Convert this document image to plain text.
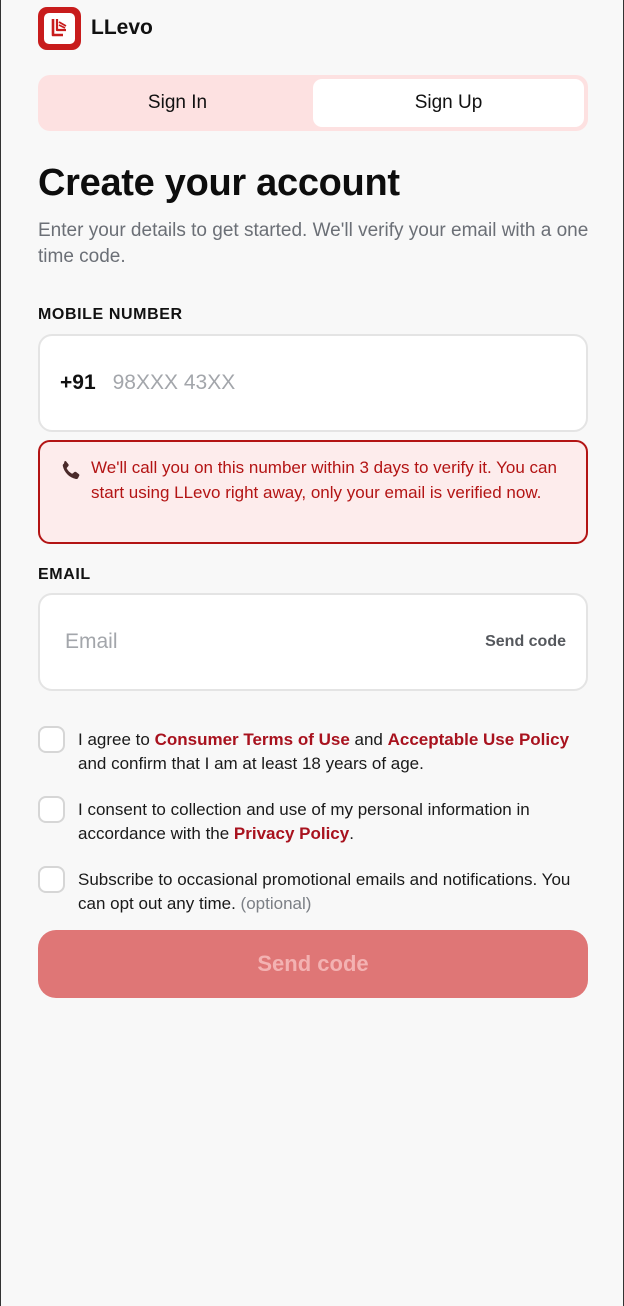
LLevo
Sign In	Sign Up
Create your account

Enter your details to get started. We'll verify your email with a one time code.

MOBILE NUMBER
+91
98XXX 43XX
We'll call you on this number within 3 days to verify it. You can start using LLevo right away, only your email is verified now.
EMAIL
Email
Send code
I agree to Consumer Terms of Use and Acceptable Use Policy and confirm that I am at least 18 years of age.
I consent to collection and use of my personal information in accordance with the Privacy Policy.
Subscribe to occasional promotional emails and notifications. You can opt out any time. (optional)
Send code
